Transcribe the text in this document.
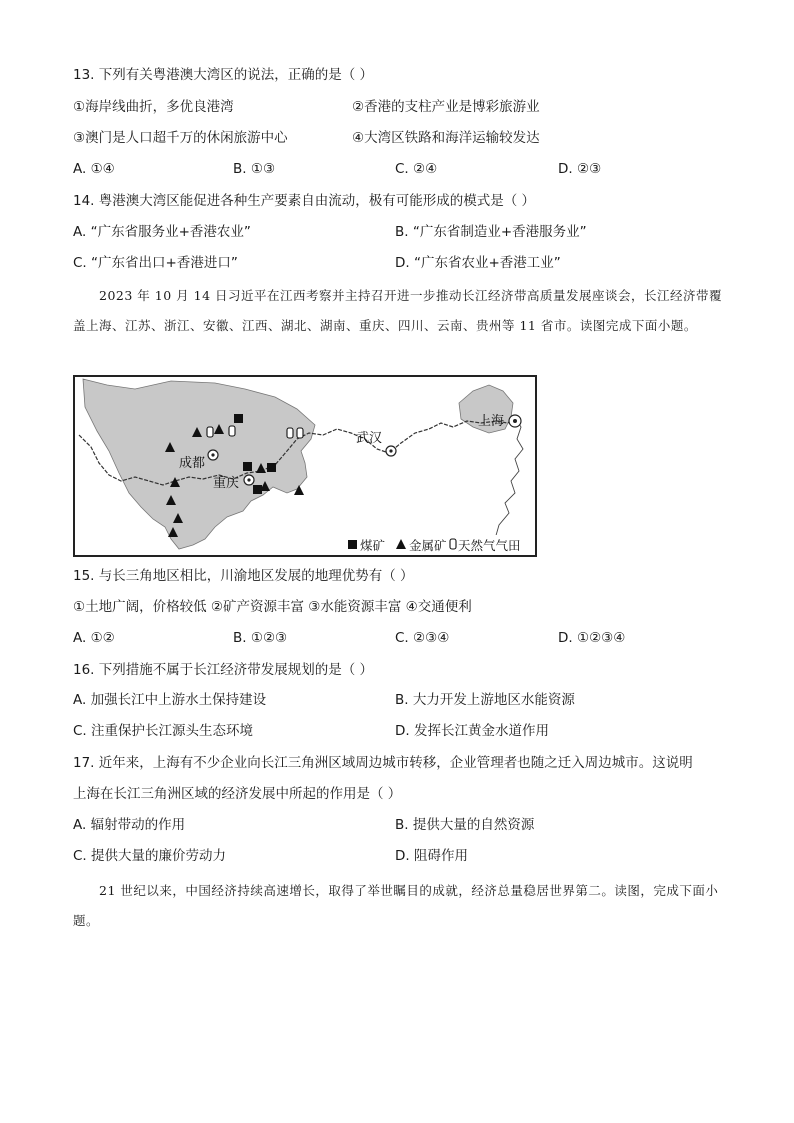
13. 下列有关粤港澳大湾区的说法，正确的是（ ）
①海岸线曲折，多优良港湾	②香港的支柱产业是博彩旅游业
③澳门是人口超千万的休闲旅游中心	④大湾区铁路和海洋运输较发达
A. ①④	B. ①③	C. ②④	D. ②③
14. 粤港澳大湾区能促进各种生产要素自由流动，极有可能形成的模式是（ ）
A. “广东省服务业+香港农业”	B. “广东省制造业+香港服务业”
C. “广东省出口+香港进口”	D. “广东省农业+香港工业”
2023 年 10 月 14 日习近平在江西考察并主持召开进一步推动长江经济带高质量发展座谈会，长江经济带覆盖上海、江苏、浙江、安徽、江西、湖北、湖南、重庆、四川、云南、贵州等 11 省市。读图完成下面小题。
成都
重庆
武汉
上海
煤矿 金属矿 天然气气田
15. 与长三角地区相比，川渝地区发展的地理优势有（ ）
①土地广阔，价格较低 ②矿产资源丰富 ③水能资源丰富 ④交通便利
A. ①②	B. ①②③	C. ②③④	D. ①②③④
16. 下列措施不属于长江经济带发展规划的是（ ）
A. 加强长江中上游水土保持建设	B. 大力开发上游地区水能资源
C. 注重保护长江源头生态环境	D. 发挥长江黄金水道作用
17. 近年来，上海有不少企业向长江三角洲区域周边城市转移，企业管理者也随之迁入周边城市。这说明
上海在长江三角洲区域的经济发展中所起的作用是（ ）
A. 辐射带动的作用	B. 提供大量的自然资源
C. 提供大量的廉价劳动力	D. 阻碍作用
21 世纪以来，中国经济持续高速增长，取得了举世瞩目的成就，经济总量稳居世界第二。读图，完成下面小题。
